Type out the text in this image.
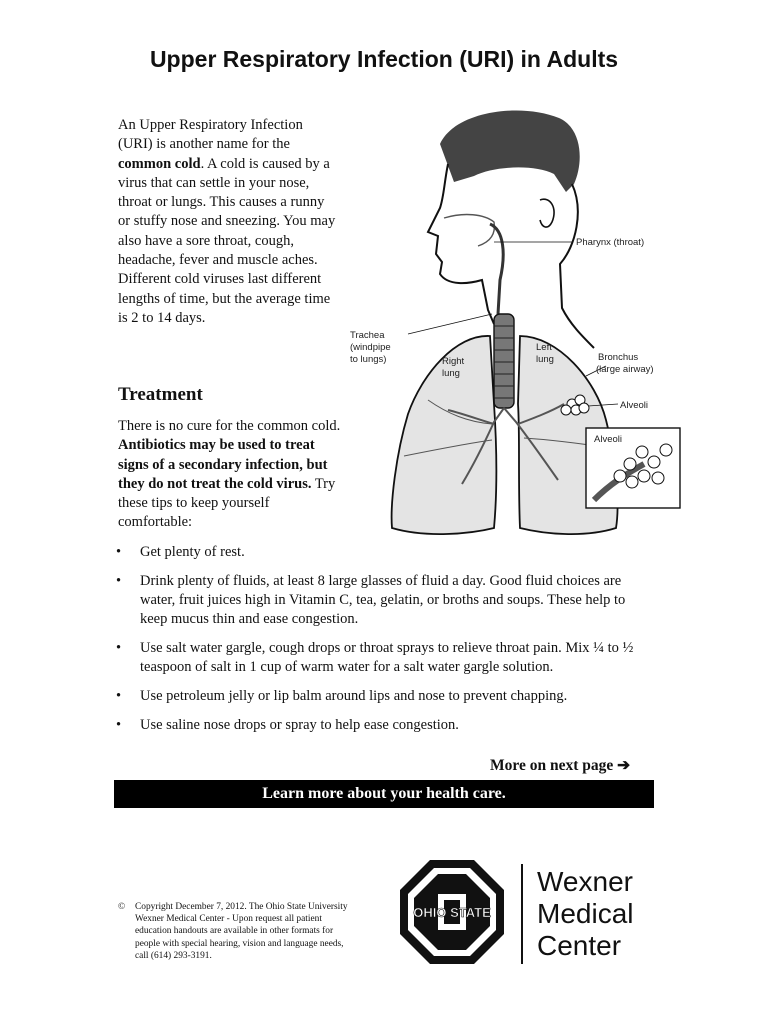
Upper Respiratory Infection (URI) in Adults
An Upper Respiratory Infection (URI) is another name for the common cold. A cold is caused by a virus that can settle in your nose, throat or lungs. This causes a runny or stuffy nose and sneezing. You may also have a sore throat, cough, headache, fever and muscle aches. Different cold viruses last different lengths of time, but the average time is 2 to 14 days.
Treatment
There is no cure for the common cold. Antibiotics may be used to treat signs of a secondary infection, but they do not treat the cold virus. Try these tips to keep yourself comfortable:
Pharynx (throat)
Trachea
(windpipe
to lungs)	Right
lung
Left
lung	Bronchus
(large airway)
Alveoli
Alveoli
• Get plenty of rest.
• Drink plenty of fluids, at least 8 large glasses of fluid a day. Good fluid choices are water, fruit juices high in Vitamin C, tea, gelatin, or broths and soups. These help to keep mucus thin and ease congestion.
• Use salt water gargle, cough drops or throat sprays to relieve throat pain. Mix ¼ to ½ teaspoon of salt in 1 cup of warm water for a salt water gargle solution.
• Use petroleum jelly or lip balm around lips and nose to prevent chapping.
• Use saline nose drops or spray to help ease congestion.
More on next page ➔
Learn more about your health care.
©	Copyright December 7, 2012. The Ohio State University Wexner Medical Center - Upon request all patient education handouts are available in other formats for people with special hearing, vision and language needs, call (614) 293-3191.
OHIO STATE
Wexner
Medical
Center
